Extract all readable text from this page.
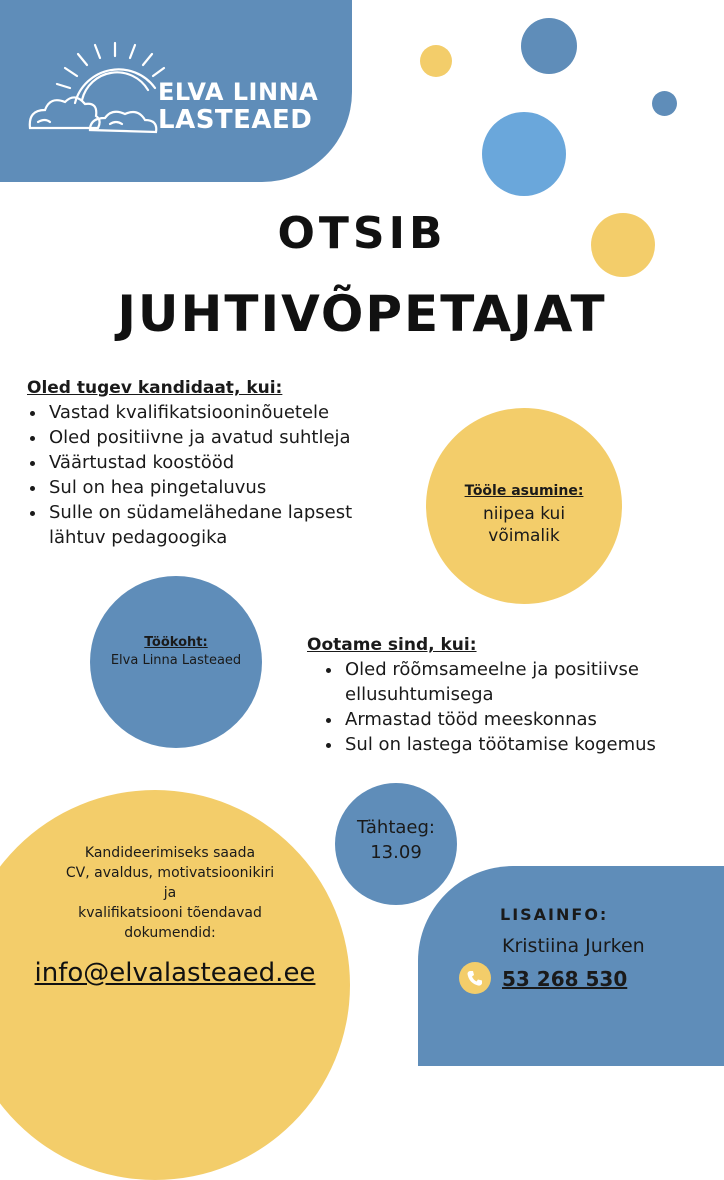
ELVA LINNA
LASTEAED
OTSIB
JUHTIVÕPETAJAT
Oled tugev kandidaat, kui:
• Vastad kvalifikatsiooninõuetele
• Oled positiivne ja avatud suhtleja
• Väärtustad koostööd
• Sul on hea pingetaluvus
• Sulle on südamelähedane lapsest lähtuv pedagoogika
Tööle asumine:
niipea kui
võimalik
Töökoht:
Elva Linna Lasteaed
Ootame sind, kui:
• Oled rõõmsameelne ja positiivse ellusuhtumisega
• Armastad tööd meeskonnas
• Sul on lastega töötamise kogemus
Tähtaeg:
13.09
Kandideerimiseks saada
CV, avaldus, motivatsioonikiri
ja
kvalifikatsiooni tõendavad
dokumendid:
info@elvalasteaed.ee
LISAINFO:
Kristiina Jurken
53 268 530
